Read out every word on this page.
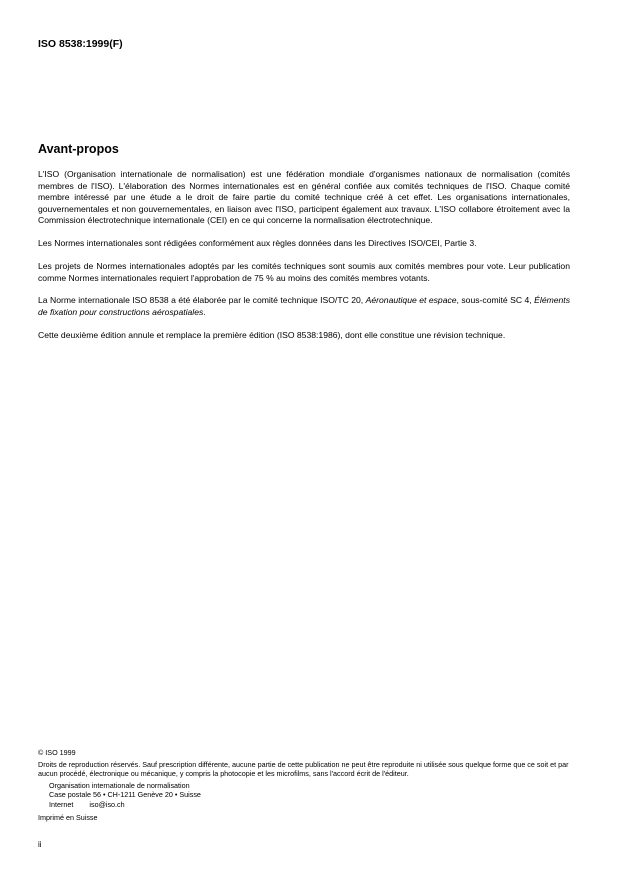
ISO 8538:1999(F)
Avant-propos

L'ISO (Organisation internationale de normalisation) est une fédération mondiale d'organismes nationaux de normalisation (comités membres de l'ISO). L'élaboration des Normes internationales est en général confiée aux comités techniques de l'ISO. Chaque comité membre intéressé par une étude a le droit de faire partie du comité technique créé à cet effet. Les organisations internationales, gouvernementales et non gouvernementales, en liaison avec l'ISO, participent également aux travaux. L'ISO collabore étroitement avec la Commission électrotechnique internationale (CEI) en ce qui concerne la normalisation électrotechnique.

Les Normes internationales sont rédigées conformément aux règles données dans les Directives ISO/CEI, Partie 3.

Les projets de Normes internationales adoptés par les comités techniques sont soumis aux comités membres pour vote. Leur publication comme Normes internationales requiert l'approbation de 75 % au moins des comités membres votants.

La Norme internationale ISO 8538 a été élaborée par le comité technique ISO/TC 20, Aéronautique et espace, sous-comité SC 4, Éléments de fixation pour constructions aérospatiales.

Cette deuxième édition annule et remplace la première édition (ISO 8538:1986), dont elle constitue une révision technique.

© ISO 1999
Droits de reproduction réservés. Sauf prescription différente, aucune partie de cette publication ne peut être reproduite ni utilisée sous quelque forme que ce soit et par aucun procédé, électronique ou mécanique, y compris la photocopie et les microfilms, sans l'accord écrit de l'éditeur.
Organisation internationale de normalisation
Case postale 56 • CH-1211 Genève 20 • Suisse
Internet iso@iso.ch
Imprimé en Suisse
ii
